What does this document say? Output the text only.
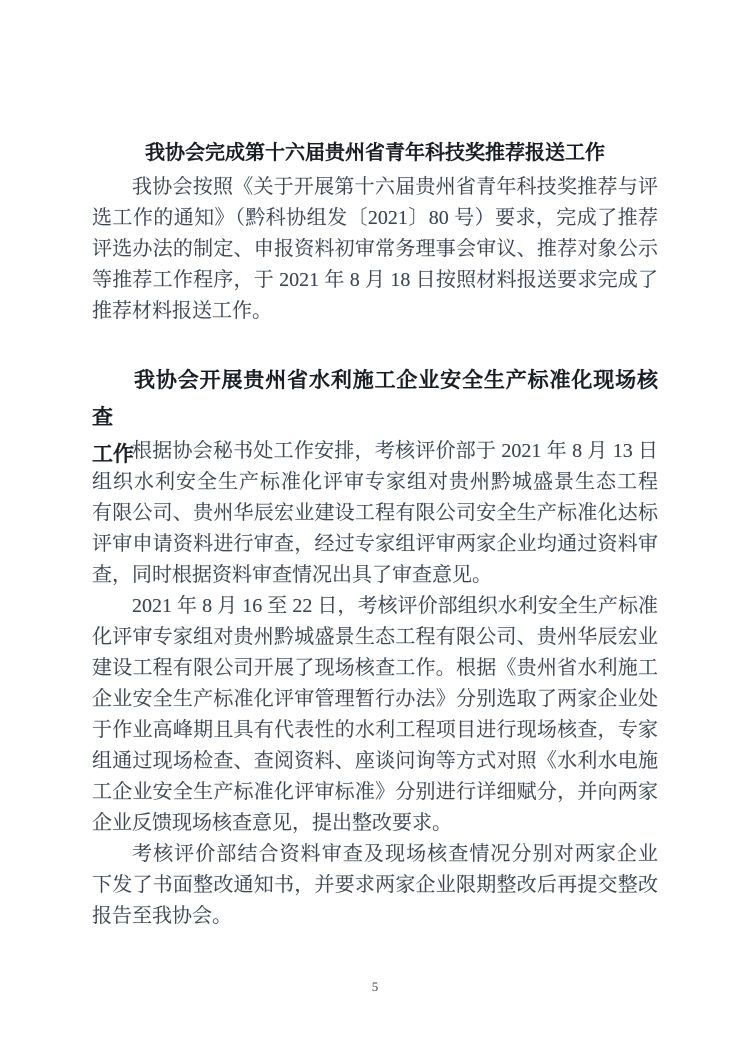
我协会完成第十六届贵州省青年科技奖推荐报送工作
我协会按照《关于开展第十六届贵州省青年科技奖推荐与评
选工作的通知》（黔科协组发〔2021〕80 号）要求，完成了推荐
评选办法的制定、申报资料初审常务理事会审议、推荐对象公示
等推荐工作程序，于 2021 年 8 月 18 日按照材料报送要求完成了
推荐材料报送工作。
我协会开展贵州省水利施工企业安全生产标准化现场核查
工作
根据协会秘书处工作安排，考核评价部于 2021 年 8 月 13 日
组织水利安全生产标准化评审专家组对贵州黔城盛景生态工程
有限公司、贵州华辰宏业建设工程有限公司安全生产标准化达标
评审申请资料进行审查，经过专家组评审两家企业均通过资料审
查，同时根据资料审查情况出具了审查意见。
2021 年 8 月 16 至 22 日，考核评价部组织水利安全生产标准
化评审专家组对贵州黔城盛景生态工程有限公司、贵州华辰宏业
建设工程有限公司开展了现场核查工作。根据《贵州省水利施工
企业安全生产标准化评审管理暂行办法》分别选取了两家企业处
于作业高峰期且具有代表性的水利工程项目进行现场核查，专家
组通过现场检查、查阅资料、座谈问询等方式对照《水利水电施
工企业安全生产标准化评审标准》分别进行详细赋分，并向两家
企业反馈现场核查意见，提出整改要求。
考核评价部结合资料审查及现场核查情况分别对两家企业
下发了书面整改通知书，并要求两家企业限期整改后再提交整改
报告至我协会。
5
